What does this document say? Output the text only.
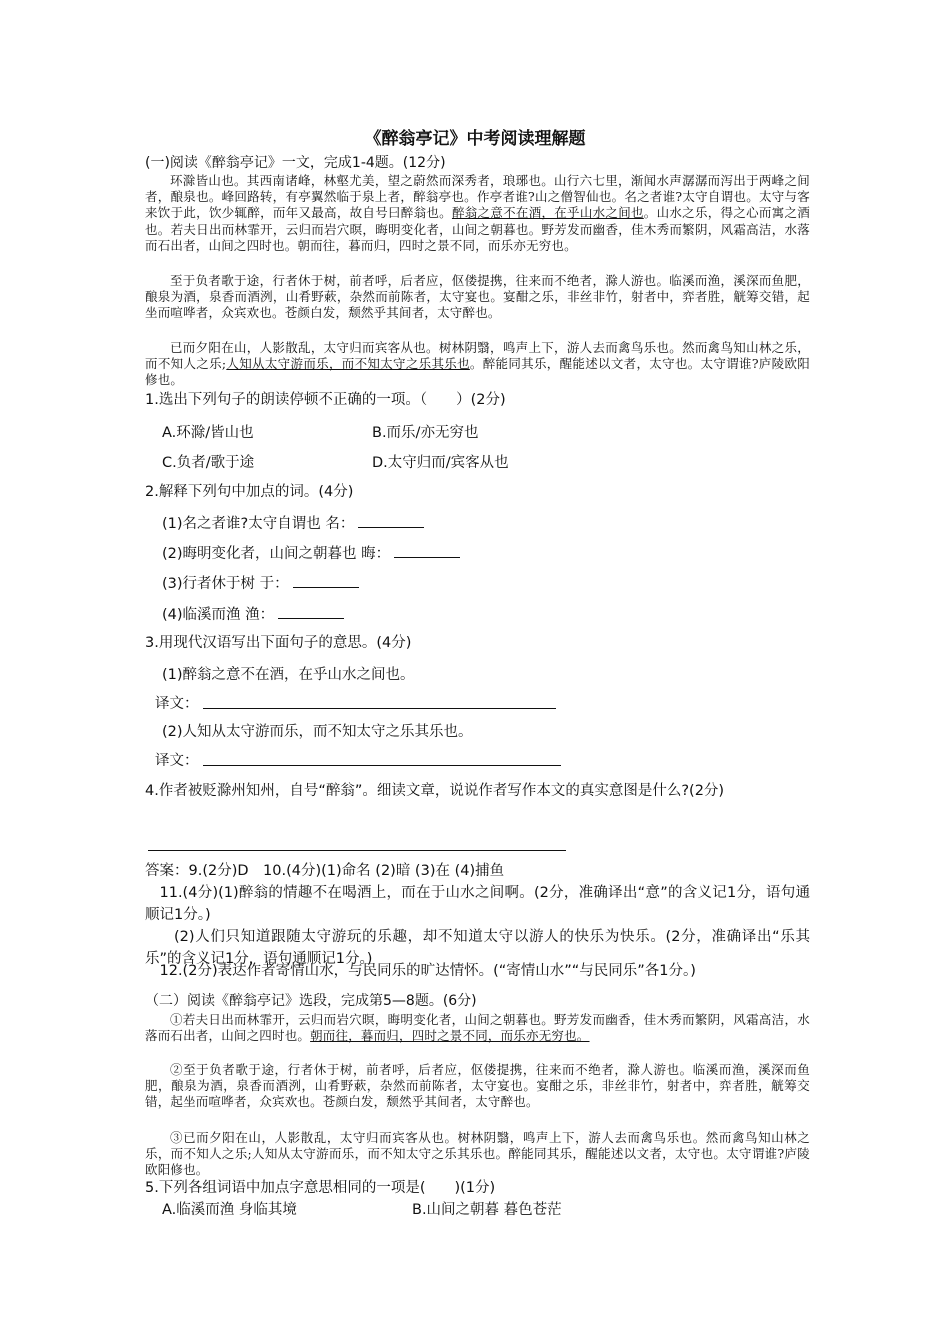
《醉翁亭记》中考阅读理解题
(一)阅读《醉翁亭记》一文，完成1-4题。(12分)
环滁皆山也。其西南诸峰，林壑尤美，望之蔚然而深秀者，琅琊也。山行六七里，渐闻水声潺潺而泻出于两峰之间者，酿泉也。峰回路转，有亭翼然临于泉上者，醉翁亭也。作亭者谁?山之僧智仙也。名之者谁?太守自谓也。太守与客来饮于此，饮少辄醉，而年又最高，故自号曰醉翁也。醉翁之意不在酒，在乎山水之间也。山水之乐，得之心而寓之酒也。若夫日出而林霏开，云归而岩穴暝，晦明变化者，山间之朝暮也。野芳发而幽香，佳木秀而繁阴，风霜高洁，水落而石出者，山间之四时也。朝而往，暮而归，四时之景不同，而乐亦无穷也。
至于负者歌于途，行者休于树，前者呼，后者应，伛偻提携，往来而不绝者，滁人游也。临溪而渔，溪深而鱼肥，酿泉为酒，泉香而酒洌，山肴野蔌，杂然而前陈者，太守宴也。宴酣之乐，非丝非竹，射者中，弈者胜，觥筹交错，起坐而喧哗者，众宾欢也。苍颜白发，颓然乎其间者，太守醉也。
已而夕阳在山，人影散乱，太守归而宾客从也。树林阴翳，鸣声上下，游人去而禽鸟乐也。然而禽鸟知山林之乐，而不知人之乐;人知从太守游而乐，而不知太守之乐其乐也。醉能同其乐，醒能述以文者，太守也。太守谓谁?庐陵欧阳修也。
1.选出下列句子的朗读停顿不正确的一项。（　　）(2分)
A.环滁/皆山也	B.而乐/亦无穷也
C.负者/歌于途	D.太守归而/宾客从也
2.解释下列句中加点的词。(4分)
(1)名之者谁?太守自谓也 名：
(2)晦明变化者，山间之朝暮也 晦：
(3)行者休于树 于：
(4)临溪而渔 渔：
3.用现代汉语写出下面句子的意思。(4分)
(1)醉翁之意不在酒，在乎山水之间也。
译文：
(2)人知从太守游而乐，而不知太守之乐其乐也。
译文：
4.作者被贬滁州知州，自号“醉翁”。细读文章，说说作者写作本文的真实意图是什么?(2分)
答案：9.(2分)D　10.(4分)(1)命名 (2)暗 (3)在 (4)捕鱼
11.(4分)(1)醉翁的情趣不在喝酒上，而在于山水之间啊。(2分，准确译出“意”的含义记1分，语句通顺记1分。)
(2)人们只知道跟随太守游玩的乐趣，却不知道太守以游人的快乐为快乐。(2分，准确译出“乐其乐”的含义记1分，语句通顺记1分。)
12.(2分)表达作者寄情山水，与民同乐的旷达情怀。(“寄情山水”“与民同乐”各1分。)
（二）阅读《醉翁亭记》选段，完成第5—8题。(6分)
①若夫日出而林霏开，云归而岩穴暝，晦明变化者，山间之朝暮也。野芳发而幽香，佳木秀而繁阴，风霜高洁，水落而石出者，山间之四时也。朝而往，暮而归，四时之景不同，而乐亦无穷也。
②至于负者歌于途，行者休于树，前者呼，后者应，伛偻提携，往来而不绝者，滁人游也。临溪而渔，溪深而鱼肥，酿泉为酒，泉香而酒洌，山肴野蔌，杂然而前陈者，太守宴也。宴酣之乐，非丝非竹，射者中，弈者胜，觥筹交错，起坐而喧哗者，众宾欢也。苍颜白发，颓然乎其间者，太守醉也。
③已而夕阳在山，人影散乱，太守归而宾客从也。树林阴翳，鸣声上下，游人去而禽鸟乐也。然而禽鸟知山林之乐，而不知人之乐;人知从太守游而乐，而不知太守之乐其乐也。醉能同其乐，醒能述以文者，太守也。太守谓谁?庐陵欧阳修也。
5.下列各组词语中加点字意思相同的一项是(　　)(1分)
A.临溪而渔 身临其境	B.山间之朝暮 暮色苍茫
